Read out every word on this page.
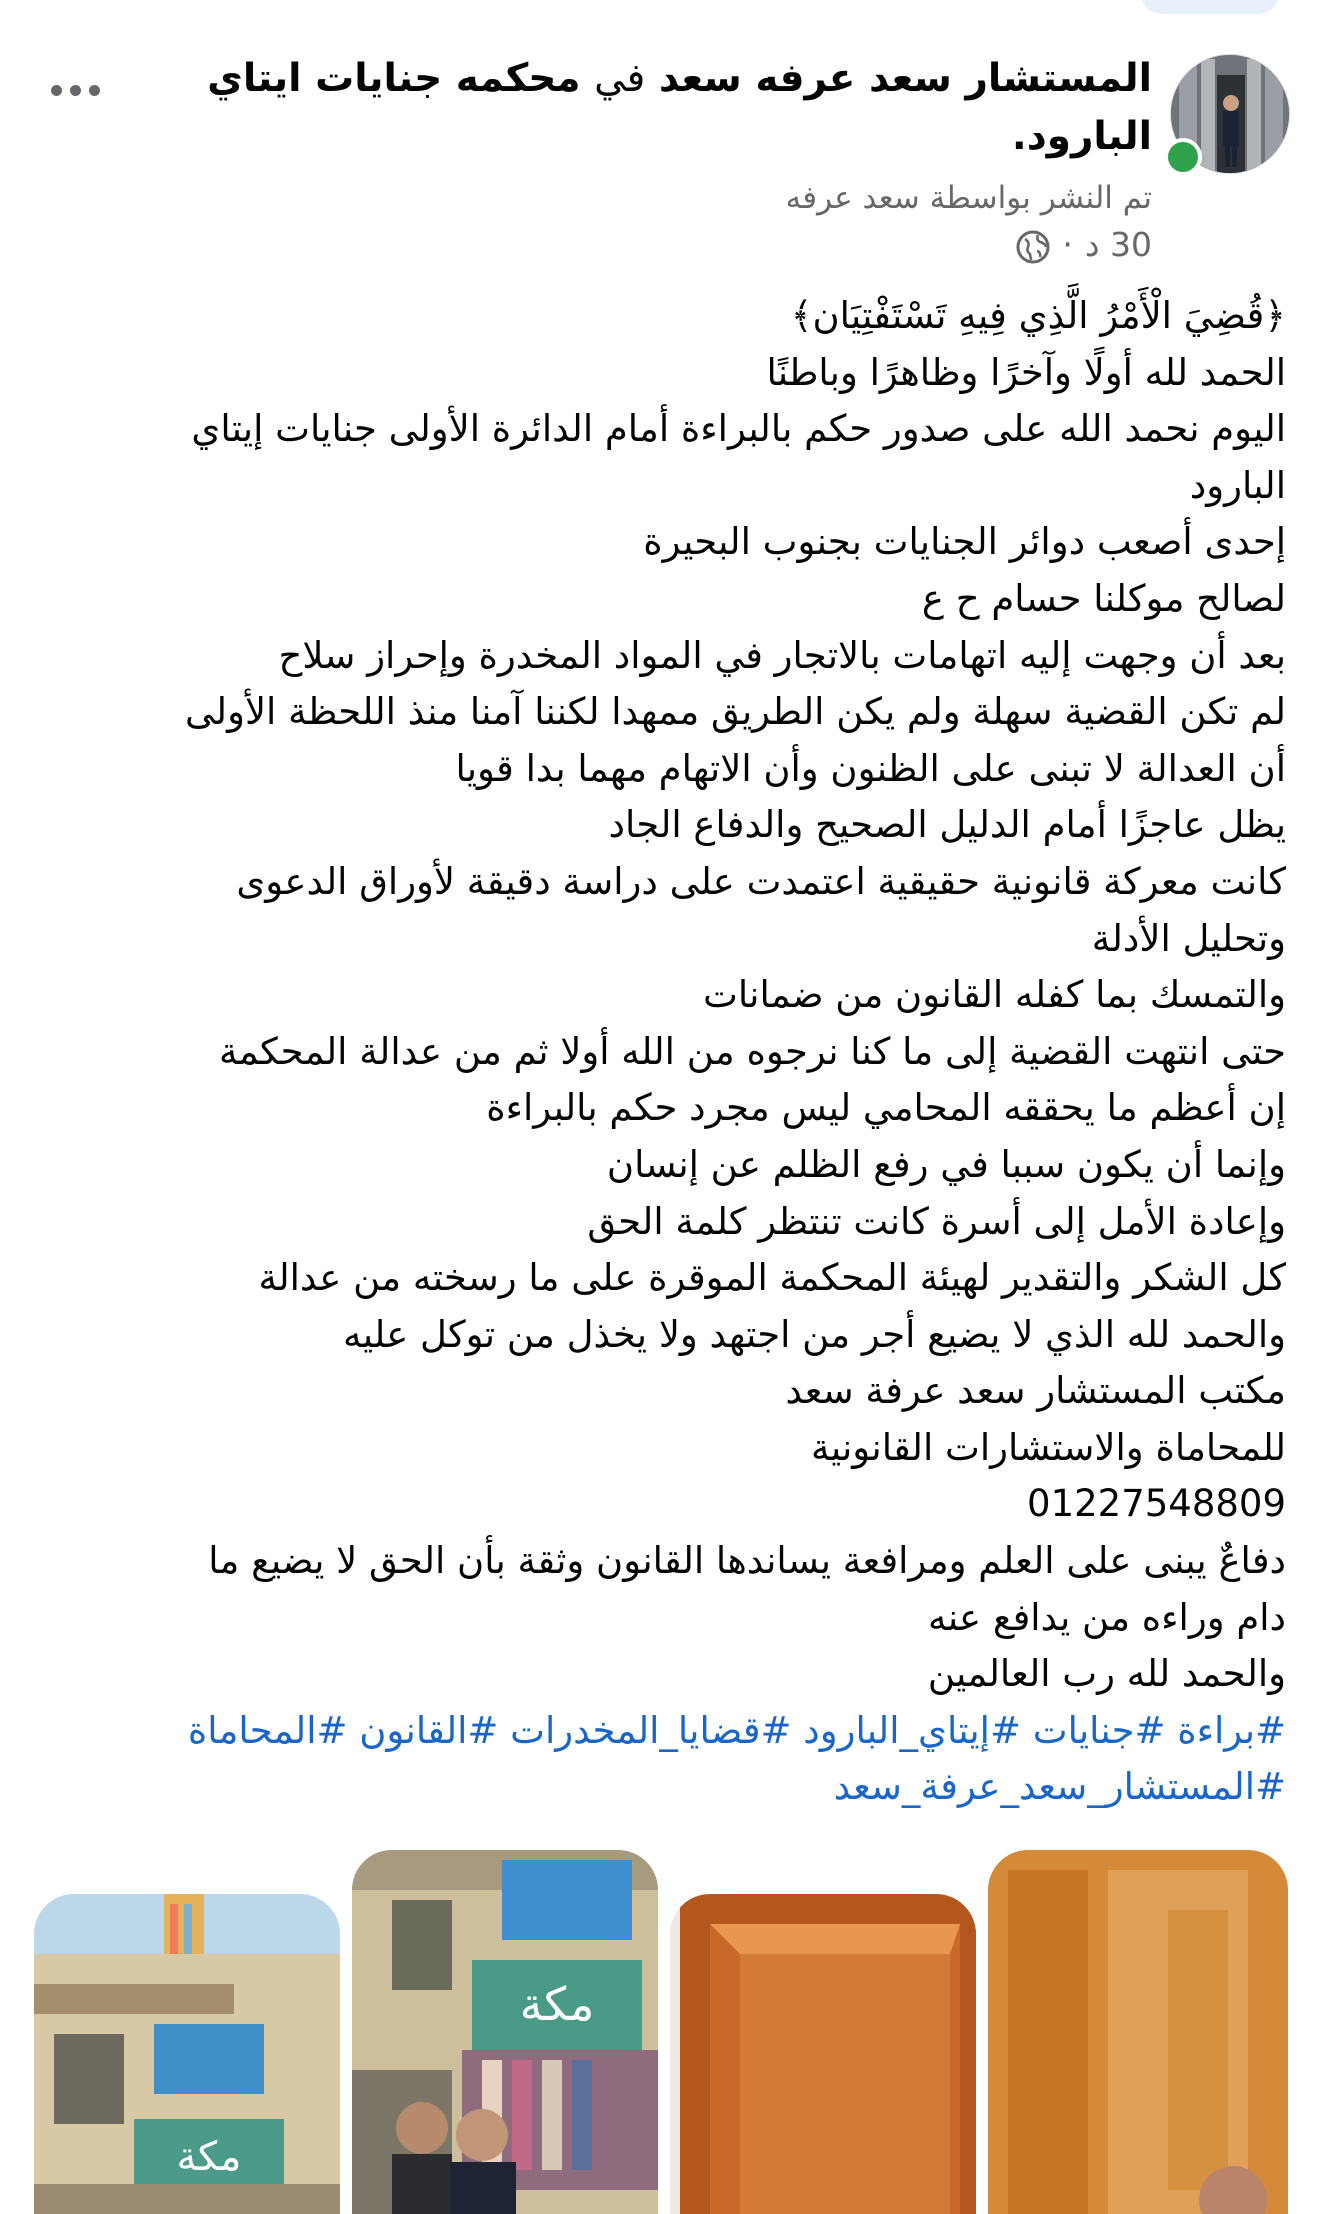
المستشار سعد عرفه سعد في محكمه جنايات ايتاي البارود.

تم النشر بواسطة سعد عرفه
30 د
·
﴿قُضِيَ الْأَمْرُ الَّذِي فِيهِ تَسْتَفْتِيَان﴾
الحمد لله أولًا وآخرًا وظاهرًا وباطنًا
اليوم نحمد الله على صدور حكم بالبراءة أمام الدائرة الأولى جنايات إيتاي
البارود
إحدى أصعب دوائر الجنايات بجنوب البحيرة
لصالح موكلنا حسام ح ع
بعد أن وجهت إليه اتهامات بالاتجار في المواد المخدرة وإحراز سلاح
لم تكن القضية سهلة ولم يكن الطريق ممهدا لكننا آمنا منذ اللحظة الأولى
أن العدالة لا تبنى على الظنون وأن الاتهام مهما بدا قويا
يظل عاجزًا أمام الدليل الصحيح والدفاع الجاد
كانت معركة قانونية حقيقية اعتمدت على دراسة دقيقة لأوراق الدعوى
وتحليل الأدلة
والتمسك بما كفله القانون من ضمانات
حتى انتهت القضية إلى ما كنا نرجوه من الله أولا ثم من عدالة المحكمة
إن أعظم ما يحققه المحامي ليس مجرد حكم بالبراءة
وإنما أن يكون سببا في رفع الظلم عن إنسان
وإعادة الأمل إلى أسرة كانت تنتظر كلمة الحق
كل الشكر والتقدير لهيئة المحكمة الموقرة على ما رسخته من عدالة
والحمد لله الذي لا يضيع أجر من اجتهد ولا يخذل من توكل عليه
مكتب المستشار سعد عرفة سعد
للمحاماة والاستشارات القانونية
01227548809
دفاعٌ يبنى على العلم ومرافعة يساندها القانون وثقة بأن الحق لا يضيع ما
دام وراءه من يدافع عنه
والحمد لله رب العالمين
#براءة #جنايات #إيتاي_البارود #قضايا_المخدرات #القانون #المحاماة
#المستشار_سعد_عرفة_سعد
ﻣﻜﺔ
ﻣﻜﺔ
